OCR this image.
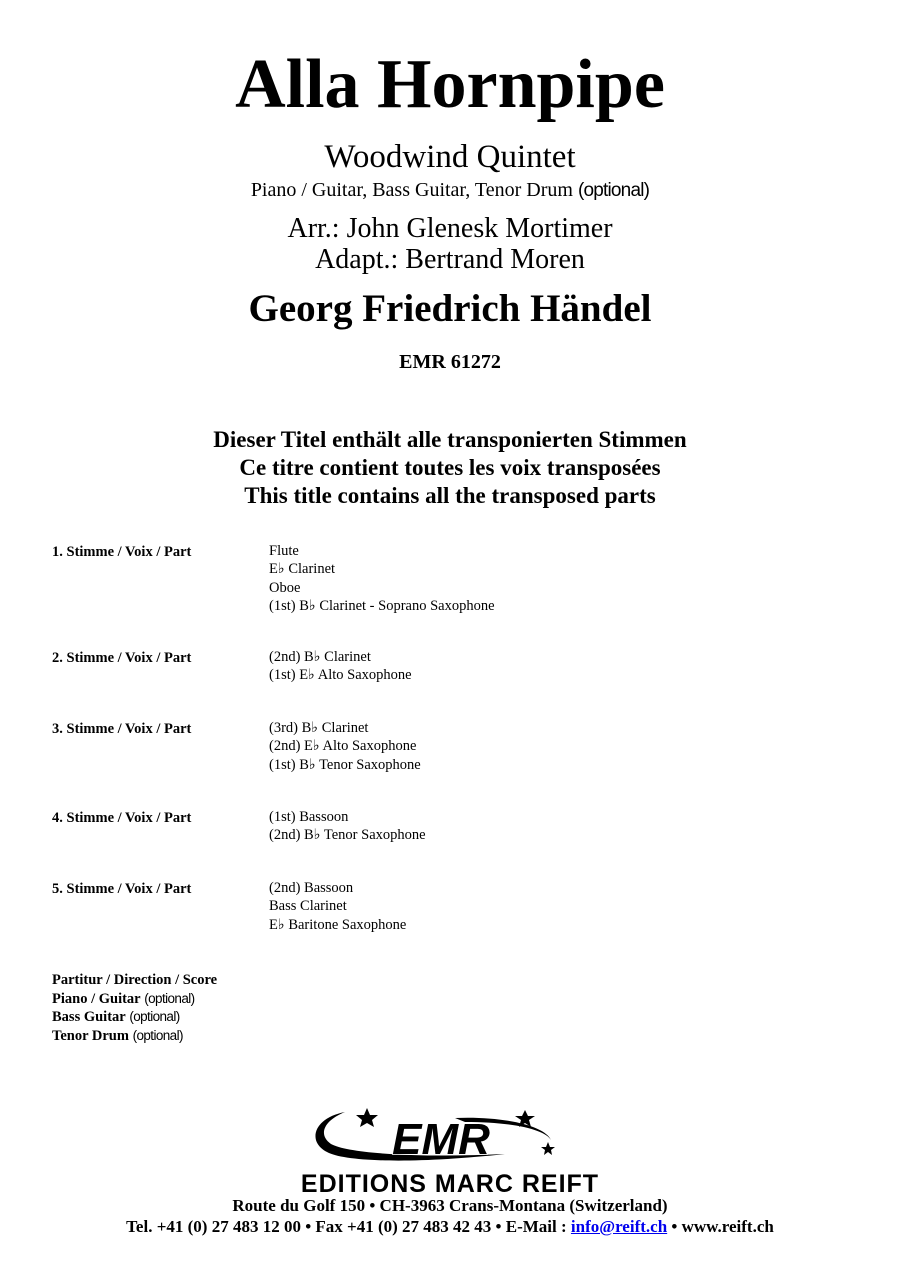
Alla Hornpipe
Woodwind Quintet
Piano / Guitar, Bass Guitar, Tenor Drum (optional)
Arr.: John Glenesk Mortimer
Adapt.: Bertrand Moren
Georg Friedrich Händel
EMR 61272
Dieser Titel enthält alle transponierten Stimmen
Ce titre contient toutes les voix transposées
This title contains all the transposed parts
1. Stimme / Voix / Part	Flute
E♭ Clarinet
Oboe
(1st) B♭ Clarinet - Soprano Saxophone
2. Stimme / Voix / Part	(2nd) B♭ Clarinet
(1st) E♭ Alto Saxophone
3. Stimme / Voix / Part	(3rd) B♭ Clarinet
(2nd) E♭ Alto Saxophone
(1st) B♭ Tenor Saxophone
4. Stimme / Voix / Part	(1st) Bassoon
(2nd) B♭ Tenor Saxophone
5. Stimme / Voix / Part	(2nd) Bassoon
Bass Clarinet
E♭ Baritone Saxophone
Partitur / Direction / Score
Piano / Guitar (optional)
Bass Guitar (optional)
Tenor Drum (optional)
EMR
EDITIONS MARC REIFT
Route du Golf 150 • CH-3963 Crans-Montana (Switzerland)
Tel. +41 (0) 27 483 12 00 • Fax +41 (0) 27 483 42 43 • E-Mail : info@reift.ch • www.reift.ch
